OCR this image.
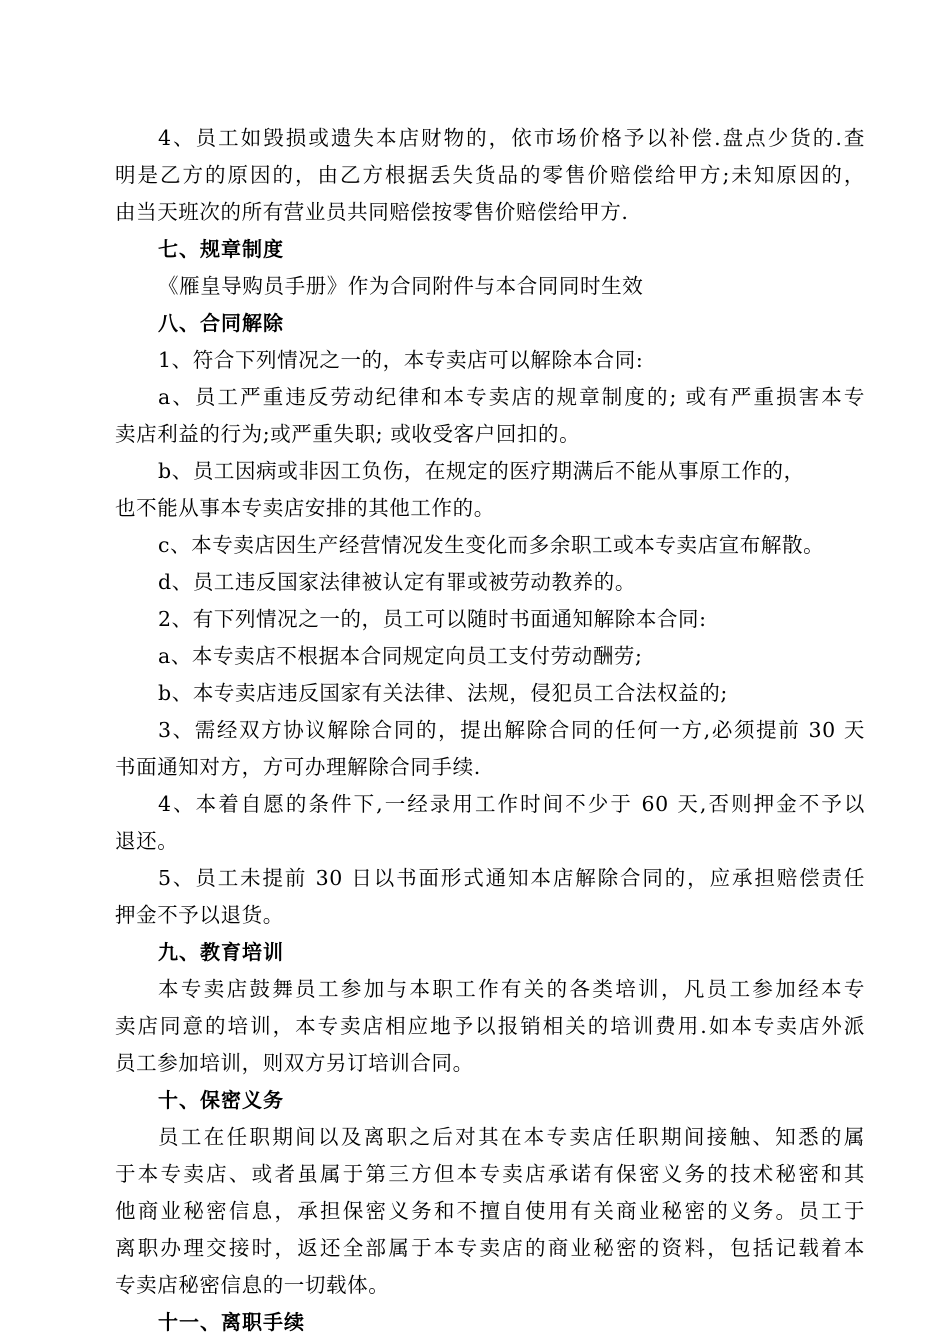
4、员工如毁损或遗失本店财物的，依市场价格予以补偿.盘点少货的.查
明是乙方的原因的，由乙方根据丢失货品的零售价赔偿给甲方;未知原因的，
由当天班次的所有营业员共同赔偿按零售价赔偿给甲方.
七、规章制度
《雁皇导购员手册》作为合同附件与本合同同时生效
八、合同解除
1、符合下列情况之一的，本专卖店可以解除本合同:
a、员工严重违反劳动纪律和本专卖店的规章制度的; 或有严重损害本专
卖店利益的行为;或严重失职; 或收受客户回扣的。
b、员工因病或非因工负伤，在规定的医疗期满后不能从事原工作的，
也不能从事本专卖店安排的其他工作的。
c、本专卖店因生产经营情况发生变化而多余职工或本专卖店宣布解散。
d、员工违反国家法律被认定有罪或被劳动教养的。
2、有下列情况之一的，员工可以随时书面通知解除本合同:
a、本专卖店不根据本合同规定向员工支付劳动酬劳;
b、本专卖店违反国家有关法律、法规，侵犯员工合法权益的;
3、需经双方协议解除合同的，提出解除合同的任何一方,必须提前 30 天
书面通知对方，方可办理解除合同手续.
4、本着自愿的条件下,一经录用工作时间不少于 60 天,否则押金不予以
退还。
5、员工未提前 30 日以书面形式通知本店解除合同的，应承担赔偿责任
押金不予以退货。
九、教育培训
本专卖店鼓舞员工参加与本职工作有关的各类培训，凡员工参加经本专
卖店同意的培训，本专卖店相应地予以报销相关的培训费用.如本专卖店外派
员工参加培训，则双方另订培训合同。
十、保密义务
员工在任职期间以及离职之后对其在本专卖店任职期间接触、知悉的属
于本专卖店、或者虽属于第三方但本专卖店承诺有保密义务的技术秘密和其
他商业秘密信息，承担保密义务和不擅自使用有关商业秘密的义务。员工于
离职办理交接时，返还全部属于本专卖店的商业秘密的资料，包括记载着本
专卖店秘密信息的一切载体。
十一、离职手续
